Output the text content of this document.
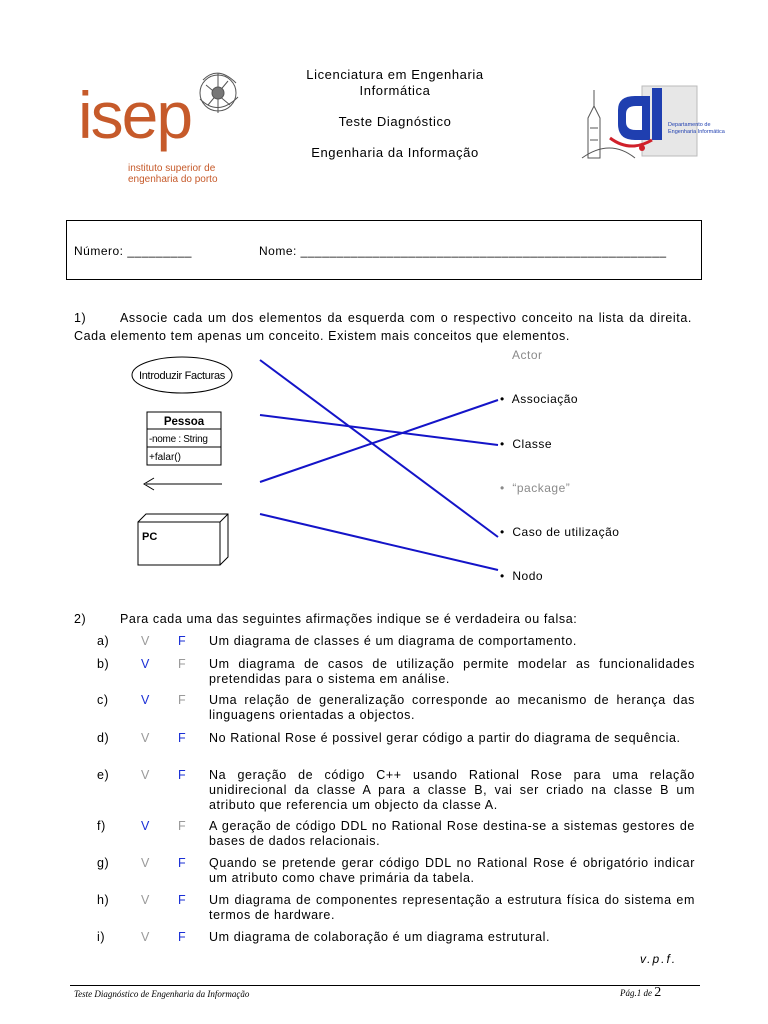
isep
instituto superior de
engenharia do porto
Licenciatura em Engenharia
Informática
Teste Diagnóstico
Engenharia da Informação
Departamento de
Engenharia Informática
Número: _________	Nome: ___________________________________________________
1)	Associe cada um dos elementos da esquerda com o respectivo conceito na lista da direita. Cada elemento tem apenas um conceito. Existem mais conceitos que elementos.
Introduzir Facturas
Pessoa
-nome : String
+falar()
PC
Actor
• Associação
• Classe
• “package”
• Caso de utilização
• Nodo
2)	Para cada uma das seguintes afirmações indique se é verdadeira ou falsa:
a)	V F Um diagrama de classes é um diagrama de comportamento.
b)	V F Um diagrama de casos de utilização permite modelar as funcionalidades pretendidas para o sistema em análise.
c)	V F Uma relação de generalização corresponde ao mecanismo de herança das linguagens orientadas a objectos.
d)	V F No Rational Rose é possivel gerar código a partir do diagrama de sequência.
e)	V F Na geração de código C++ usando Rational Rose para uma relação unidirecional da classe A para a classe B, vai ser criado na classe B um atributo que referencia um objecto da classe A.
f)	V F A geração de código DDL no Rational Rose destina-se a sistemas gestores de bases de dados relacionais.
g)	V F Quando se pretende gerar código DDL no Rational Rose é obrigatório indicar um atributo como chave primária da tabela.
h)	V F Um diagrama de componentes representação a estrutura física do sistema em termos de hardware.
i)	V F Um diagrama de colaboração é um diagrama estrutural.
v.p.f.
Teste Diagnóstico de Engenharia da Informação	Pág.1 de 2
